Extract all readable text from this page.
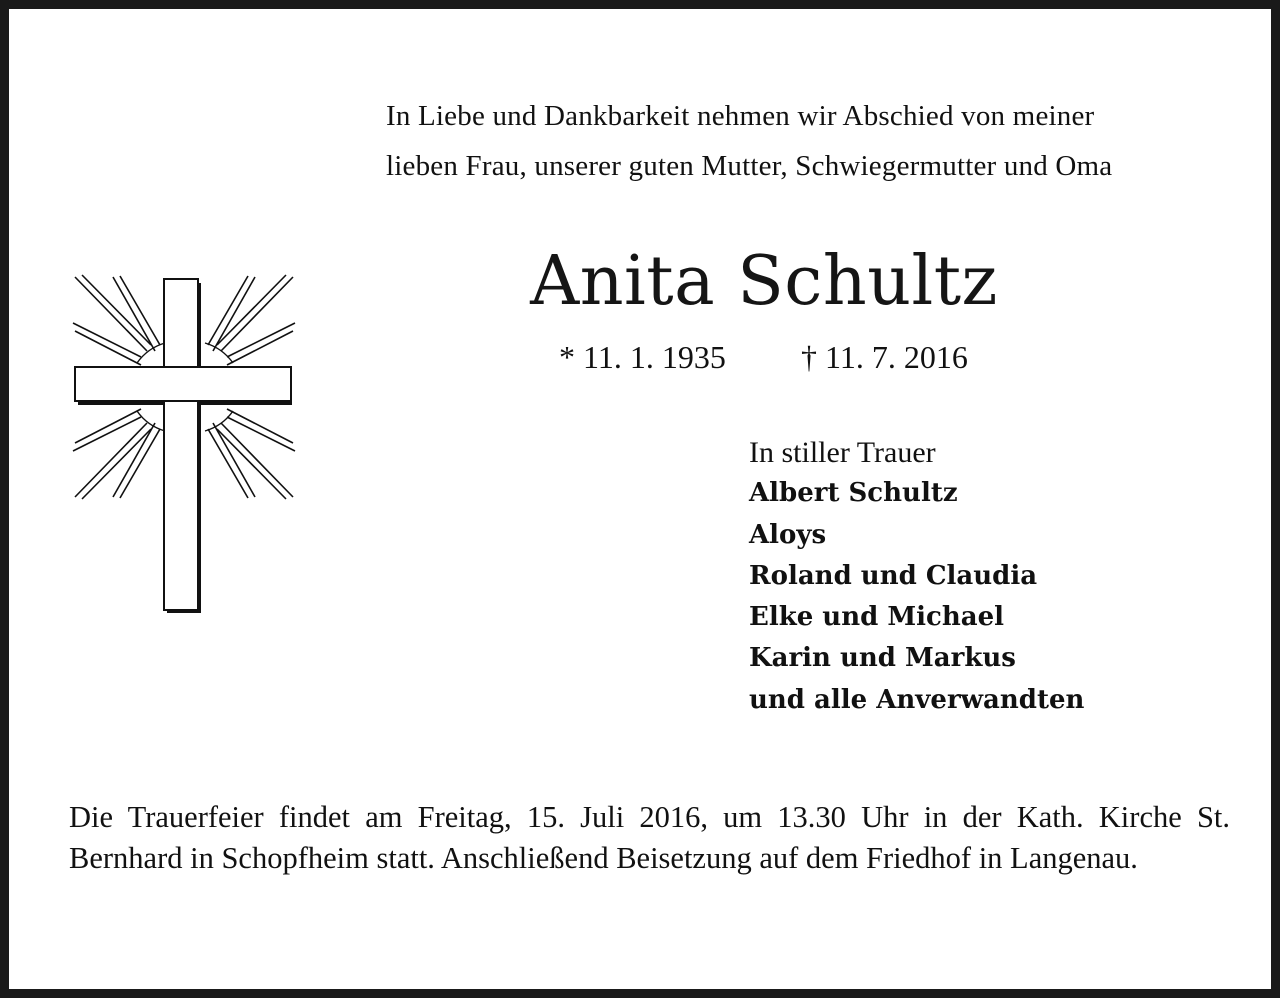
In Liebe und Dankbarkeit nehmen wir Abschied von meiner
lieben Frau, unserer guten Mutter, Schwiegermutter und Oma
Anita Schultz
* 11. 1. 1935 † 11. 7. 2016
In stiller Trauer
Albert Schultz
Aloys
Roland und Claudia
Elke und Michael
Karin und Markus
und alle Anverwandten
Die Trauerfeier findet am Freitag, 15. Juli 2016, um 13.30 Uhr in der Kath. Kirche St. Bernhard in Schopfheim statt. Anschließend Beisetzung auf dem Friedhof in Langenau.
